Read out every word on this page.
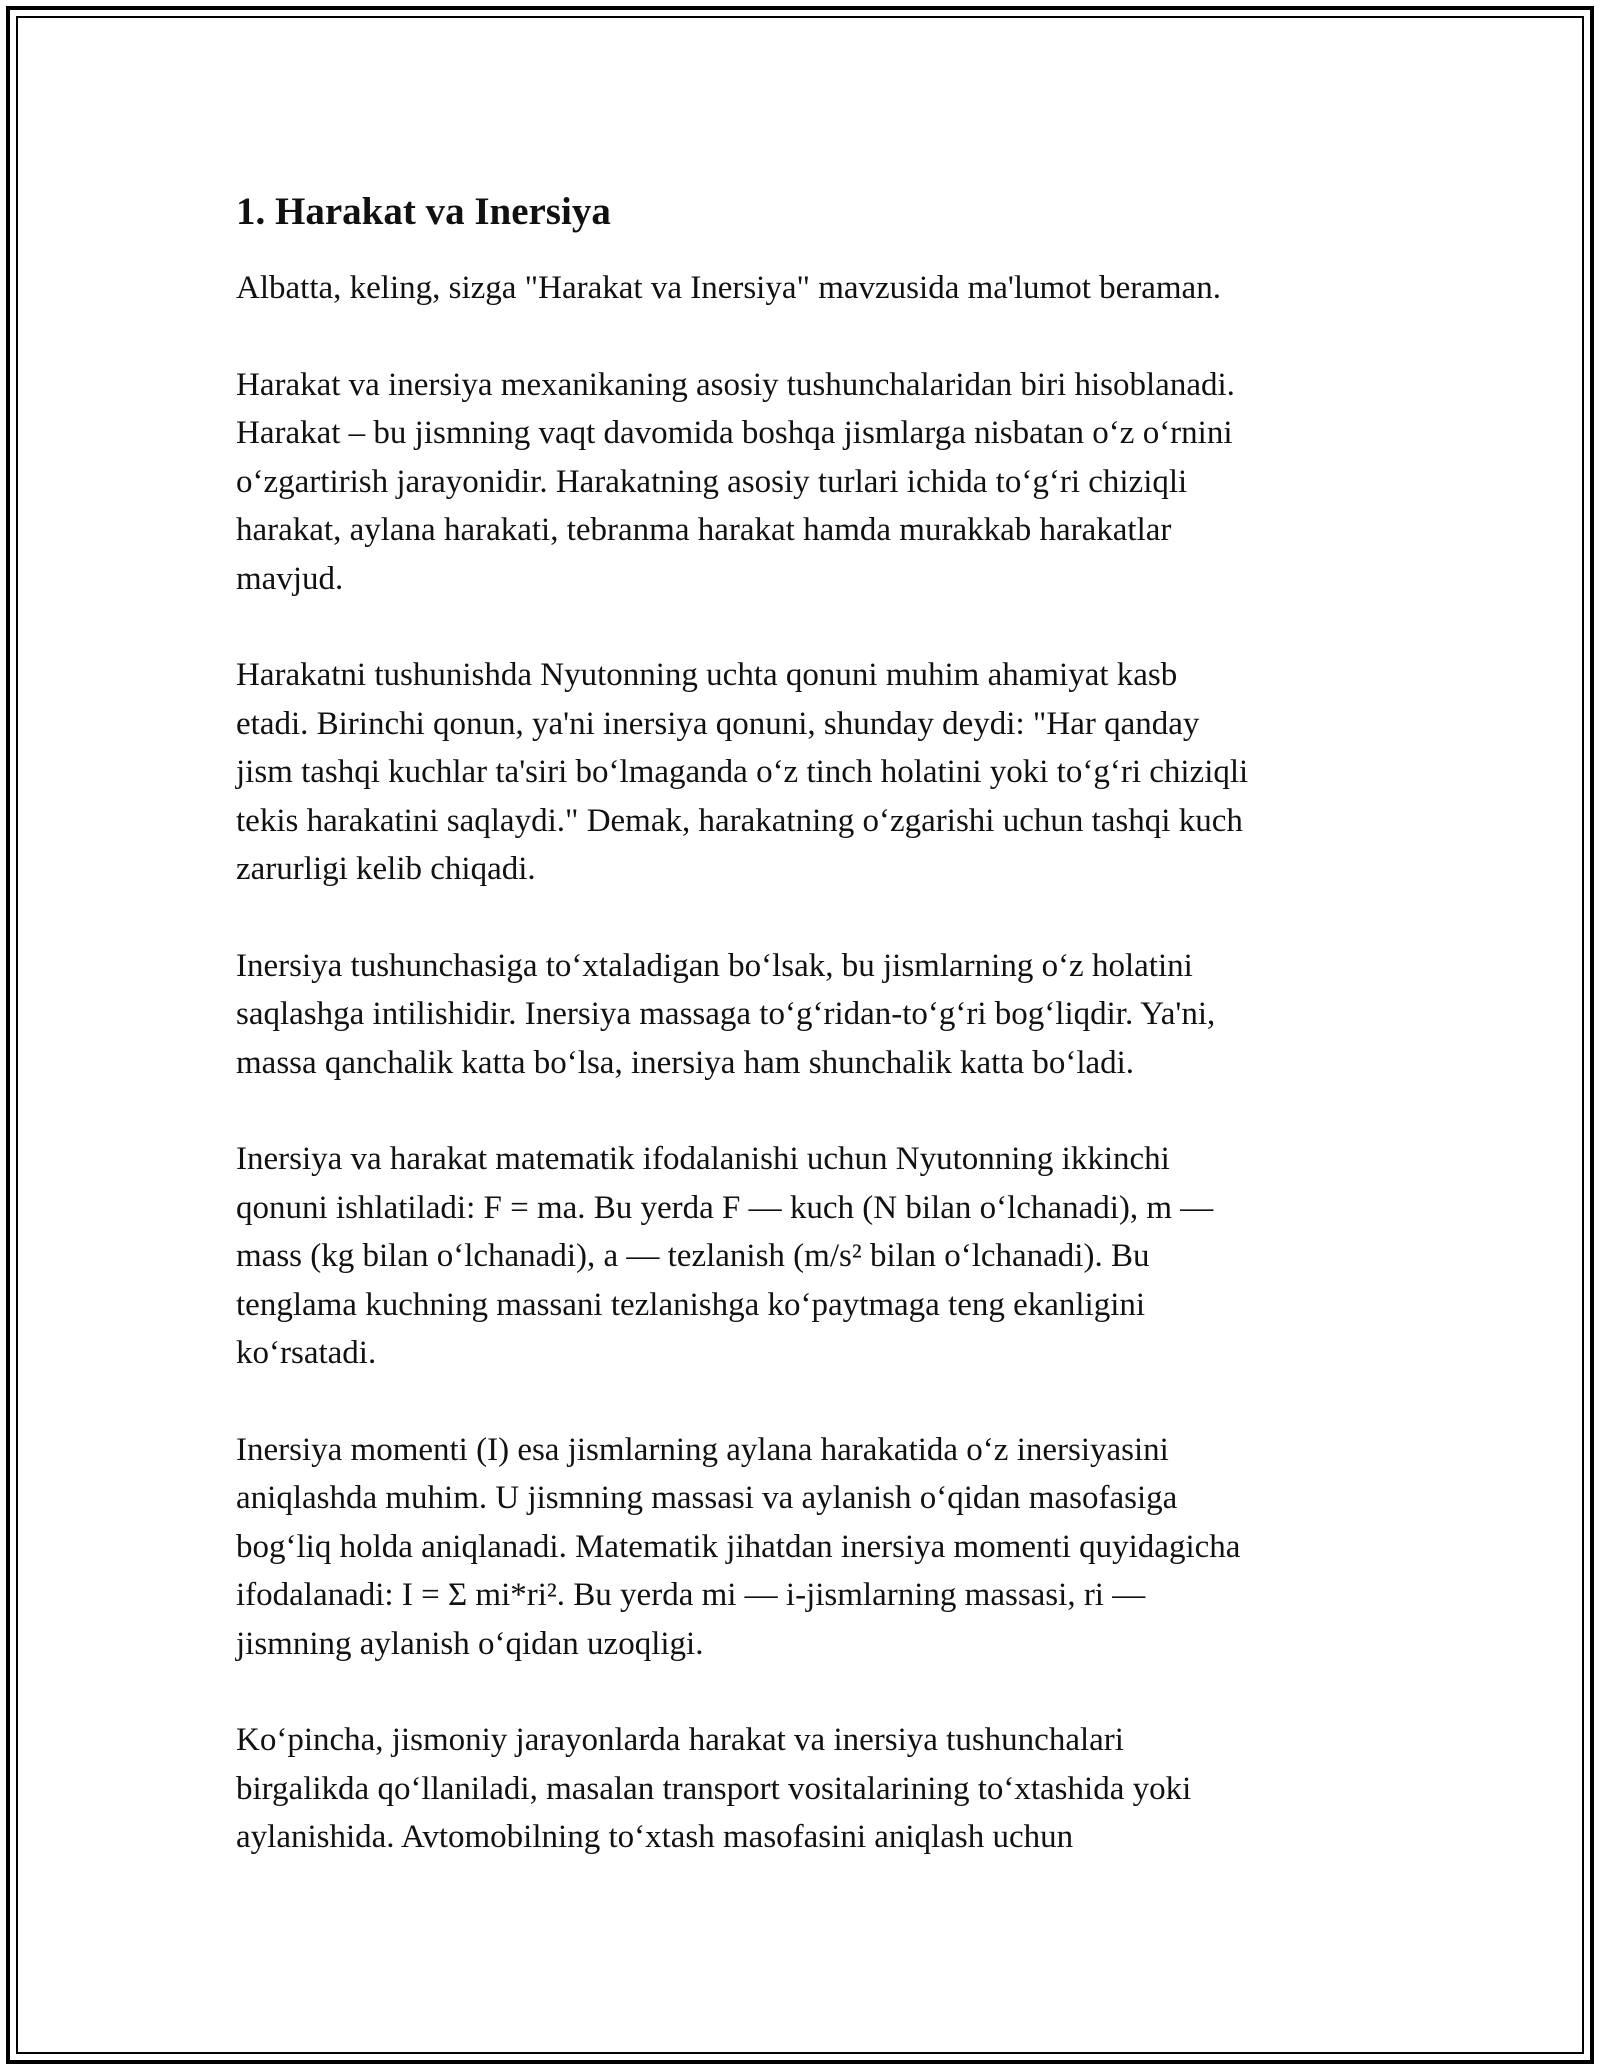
1. Harakat va Inersiya

Albatta, keling, sizga "Harakat va Inersiya" mavzusida ma'lumot beraman.

Harakat va inersiya mexanikaning asosiy tushunchalaridan biri hisoblanadi.
Harakat – bu jismning vaqt davomida boshqa jismlarga nisbatan oʻz oʻrnini
oʻzgartirish jarayonidir. Harakatning asosiy turlari ichida toʻgʻri chiziqli
harakat, aylana harakati, tebranma harakat hamda murakkab harakatlar
mavjud.

Harakatni tushunishda Nyutonning uchta qonuni muhim ahamiyat kasb
etadi. Birinchi qonun, ya'ni inersiya qonuni, shunday deydi: "Har qanday
jism tashqi kuchlar ta'siri boʻlmaganda oʻz tinch holatini yoki toʻgʻri chiziqli
tekis harakatini saqlaydi." Demak, harakatning oʻzgarishi uchun tashqi kuch
zarurligi kelib chiqadi.

Inersiya tushunchasiga toʻxtaladigan boʻlsak, bu jismlarning oʻz holatini
saqlashga intilishidir. Inersiya massaga toʻgʻridan-toʻgʻri bogʻliqdir. Ya'ni,
massa qanchalik katta boʻlsa, inersiya ham shunchalik katta boʻladi.

Inersiya va harakat matematik ifodalanishi uchun Nyutonning ikkinchi
qonuni ishlatiladi: F = ma. Bu yerda F — kuch (N bilan oʻlchanadi), m —
mass (kg bilan oʻlchanadi), a — tezlanish (m/s² bilan oʻlchanadi). Bu
tenglama kuchning massani tezlanishga koʻpaytmaga teng ekanligini
koʻrsatadi.

Inersiya momenti (I) esa jismlarning aylana harakatida oʻz inersiyasini
aniqlashda muhim. U jismning massasi va aylanish oʻqidan masofasiga
bogʻliq holda aniqlanadi. Matematik jihatdan inersiya momenti quyidagicha
ifodalanadi: I = Σ mi*ri². Bu yerda mi — i-jismlarning massasi, ri —
jismning aylanish oʻqidan uzoqligi.

Koʻpincha, jismoniy jarayonlarda harakat va inersiya tushunchalari
birgalikda qoʻllaniladi, masalan transport vositalarining toʻxtashida yoki
aylanishida. Avtomobilning toʻxtash masofasini aniqlash uchun
